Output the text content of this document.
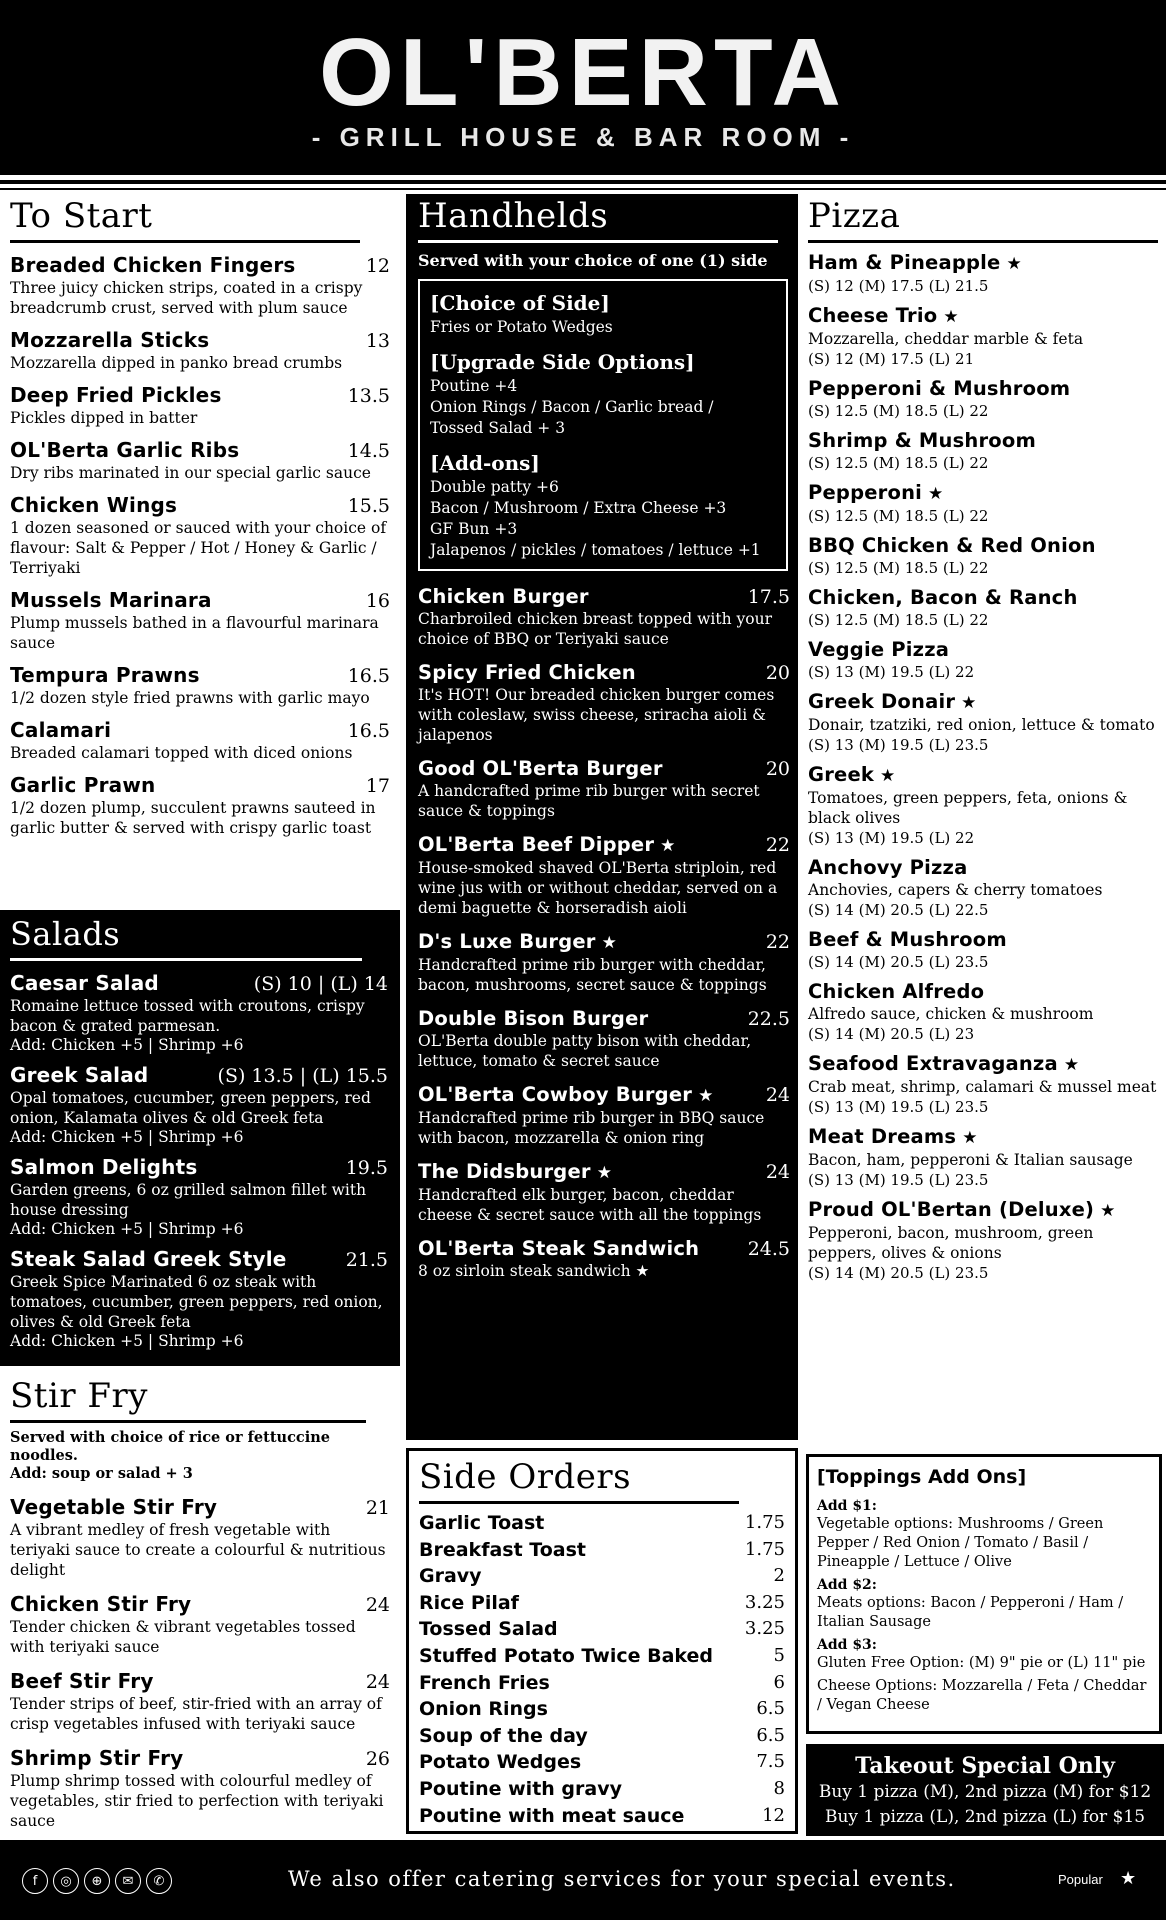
OL'BERTA
- GRILL HOUSE & BAR ROOM -
To Start
Breaded Chicken Fingers	12
Three juicy chicken strips, coated in a crispy breadcrumb crust, served with plum sauce
Mozzarella Sticks	13
Mozzarella dipped in panko bread crumbs
Deep Fried Pickles	13.5
Pickles dipped in batter
OL'Berta Garlic Ribs	14.5
Dry ribs marinated in our special garlic sauce
Chicken Wings	15.5
1 dozen seasoned or sauced with your choice of flavour: Salt & Pepper / Hot / Honey & Garlic / Terriyaki
Mussels Marinara	16
Plump mussels bathed in a flavourful marinara sauce
Tempura Prawns	16.5
1/2 dozen style fried prawns with garlic mayo
Calamari	16.5
Breaded calamari topped with diced onions
Garlic Prawn	17
1/2 dozen plump, succulent prawns sauteed in garlic butter & served with crispy garlic toast
Salads
Caesar Salad	(S) 10 | (L) 14
Romaine lettuce tossed with croutons, crispy bacon & grated parmesan.
Add: Chicken +5 | Shrimp +6
Greek Salad	(S) 13.5 | (L) 15.5
Opal tomatoes, cucumber, green peppers, red onion, Kalamata olives & old Greek feta
Add: Chicken +5 | Shrimp +6
Salmon Delights	19.5
Garden greens, 6 oz grilled salmon fillet with house dressing
Add: Chicken +5 | Shrimp +6
Steak Salad Greek Style	21.5
Greek Spice Marinated 6 oz steak with tomatoes, cucumber, green peppers, red onion, olives & old Greek feta
Add: Chicken +5 | Shrimp +6
Stir Fry
Served with choice of rice or fettuccine noodles.
Add: soup or salad + 3
Vegetable Stir Fry	21
A vibrant medley of fresh vegetable with teriyaki sauce to create a colourful & nutritious delight
Chicken Stir Fry	24
Tender chicken & vibrant vegetables tossed with teriyaki sauce
Beef Stir Fry	24
Tender strips of beef, stir-fried with an array of crisp vegetables infused with teriyaki sauce
Shrimp Stir Fry	26
Plump shrimp tossed with colourful medley of vegetables, stir fried to perfection with teriyaki sauce
Handhelds
Served with your choice of one (1) side
[Choice of Side]
Fries or Potato Wedges
[Upgrade Side Options]
Poutine +4
Onion Rings / Bacon / Garlic bread /
Tossed Salad + 3
[Add-ons]
Double patty +6
Bacon / Mushroom / Extra Cheese +3
GF Bun +3
Jalapenos / pickles / tomatoes / lettuce +1
Chicken Burger	17.5
Charbroiled chicken breast topped with your choice of BBQ or Teriyaki sauce
Spicy Fried Chicken	20
It's HOT! Our breaded chicken burger comes with coleslaw, swiss cheese, sriracha aioli & jalapenos
Good OL'Berta Burger	20
A handcrafted prime rib burger with secret sauce & toppings
OL'Berta Beef Dipper ★	22
House-smoked shaved OL'Berta striploin, red wine jus with or without cheddar, served on a demi baguette & horseradish aioli
D's Luxe Burger ★	22
Handcrafted prime rib burger with cheddar, bacon, mushrooms, secret sauce & toppings
Double Bison Burger	22.5
OL'Berta double patty bison with cheddar, lettuce, tomato & secret sauce
OL'Berta Cowboy Burger ★	24
Handcrafted prime rib burger in BBQ sauce with bacon, mozzarella & onion ring
The Didsburger ★	24
Handcrafted elk burger, bacon, cheddar cheese & secret sauce with all the toppings
OL'Berta Steak Sandwich	24.5
8 oz sirloin steak sandwich ★
Side Orders
Garlic Toast	1.75
Breakfast Toast	1.75
Gravy	2
Rice Pilaf	3.25
Tossed Salad	3.25
Stuffed Potato Twice Baked	5
French Fries	6
Onion Rings	6.5
Soup of the day	6.5
Potato Wedges	7.5
Poutine with gravy	8
Poutine with meat sauce	12
Pizza
Ham & Pineapple ★
(S) 12 (M) 17.5 (L) 21.5
Cheese Trio ★
Mozzarella, cheddar marble & feta
(S) 12 (M) 17.5 (L) 21
Pepperoni & Mushroom
(S) 12.5 (M) 18.5 (L) 22
Shrimp & Mushroom
(S) 12.5 (M) 18.5 (L) 22
Pepperoni ★
(S) 12.5 (M) 18.5 (L) 22
BBQ Chicken & Red Onion
(S) 12.5 (M) 18.5 (L) 22
Chicken, Bacon & Ranch
(S) 12.5 (M) 18.5 (L) 22
Veggie Pizza
(S) 13 (M) 19.5 (L) 22
Greek Donair ★
Donair, tzatziki, red onion, lettuce & tomato
(S) 13 (M) 19.5 (L) 23.5
Greek ★
Tomatoes, green peppers, feta, onions & black olives
(S) 13 (M) 19.5 (L) 22
Anchovy Pizza
Anchovies, capers & cherry tomatoes
(S) 14 (M) 20.5 (L) 22.5
Beef & Mushroom
(S) 14 (M) 20.5 (L) 23.5
Chicken Alfredo
Alfredo sauce, chicken & mushroom
(S) 14 (M) 20.5 (L) 23
Seafood Extravaganza ★
Crab meat, shrimp, calamari & mussel meat
(S) 13 (M) 19.5 (L) 23.5
Meat Dreams ★
Bacon, ham, pepperoni & Italian sausage
(S) 13 (M) 19.5 (L) 23.5
Proud OL'Bertan (Deluxe) ★
Pepperoni, bacon, mushroom, green peppers, olives & onions
(S) 14 (M) 20.5 (L) 23.5
[Toppings Add Ons]
Add $1:
Vegetable options: Mushrooms / Green Pepper / Red Onion / Tomato / Basil / Pineapple / Lettuce / Olive
Add $2:
Meats options: Bacon / Pepperoni / Ham / Italian Sausage
Add $3:
Gluten Free Option: (M) 9" pie or (L) 11" pie
Cheese Options: Mozzarella / Feta / Cheddar / Vegan Cheese
Takeout Special Only
Buy 1 pizza (M), 2nd pizza (M) for $12
Buy 1 pizza (L), 2nd pizza (L) for $15
f	◎	⊕	✉	✆	We also offer catering services for your special events.	Popular ★
